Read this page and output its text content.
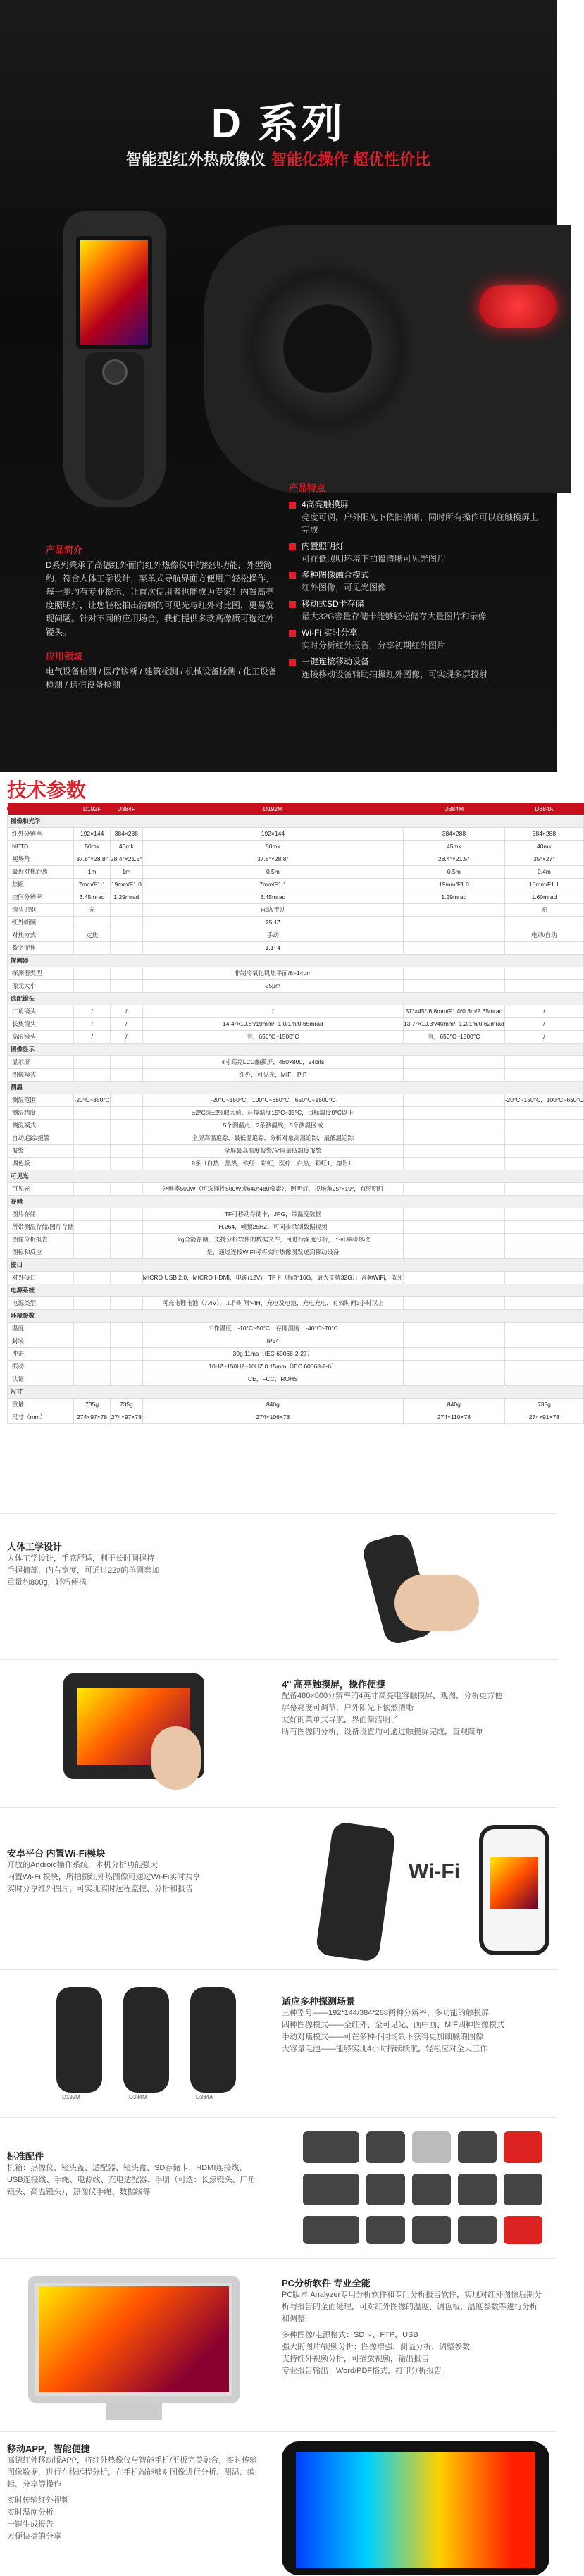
D 系列
智能型红外热成像仪 智能化操作 超优性价比
产品简介
D系列秉承了高德红外面向红外热像仪中的经典功能，外型简约，符合人体工学设计，菜单式导航界面方便用户轻松操作，每一步均有专业提示，让首次使用者也能成为专家！内置高亮度照明灯，让您轻松拍出清晰的可见光与红外对比图，更易发现问题。针对不同的应用场合，我们提供多款高像质可选红外镜头。
应用领域
电气设备检测 / 医疗诊断 / 建筑检测 / 机械设备检测 / 化工设备检测 / 通信设备检测
产品特点
4高亮触摸屏
亮度可调，户外阳光下依旧清晰，同时所有操作可以在触摸屏上完成
内置照明灯
可在低照明环境下拍摄清晰可见光图片
多种图像融合模式
红外图像，可见光图像
移动式SD卡存储
最大32G容量存储卡能够轻松储存大量图片和录像
Wi-Fi 实时分享
实时分析红外报告，分享初期红外图片
一键连接移动设备
连接移动设备辅助拍摄红外图像，可实现多屏投射
技术参数
	D192F	D384F	D192M	D384M	D384A
图像和光学					
红外分辨率	192×144	384×288	192×144	384×288	384×288
NETD	50mk	45mk	50mk	45mk	40mk
视场角	37.8°×28.8°	28.4°×21.5°	37.8°×28.8°	28.4°×21.5°	35°×27°
最近对焦距离	1m	1m	0.5m	0.5m	0.4m
焦距	7mm/F1.1	19mm/F1.0	7mm/F1.1	19mm/F1.0	15mm/F1.1
空间分辨率	3.45mrad	1.29mrad	3.45mrad	1.29mrad	1.60mrad
镜头识别	无		自动/手动		无
红外帧频			25HZ		
对焦方式	定焦		手动		电动/自动
数字变焦			1.1~4		
探测器					
探测器类型			非制冷氧化钒焦平面/8~14μm		
像元大小			25μm		
选配镜头					
广角镜头	/	/	/	57°×45°/6.8mm/F1.0/0.3m/2.65mrad	/
长焦镜头	/	/	14.4°×10.8°/19mm/F1.0/1m/0.65mrad	13.7°×10.3°/40mm/F1.2/1m/0.62mrad	/
高温镜头	/	/	有，650°C~1500°C	有，650°C~1500°C	/
图像显示					
显示屏			4寸高亮LCD触摸屏，480×800，24bits		
图像模式			红外，可见光，MIF，PIP		
测温					
测温范围	-20°C~350°C		-20°C~150°C，100°C~650°C，650°C~1500°C		-20°C~150°C，100°C~650°C
测温精度			±2°C或±2%取大值，环境温度15°C~35°C，目标温度0°C以上		
测温模式			5个测温点，2条测温线，5个测温区域		
自动追踪/报警			全屏高温追踪，最低温追踪，分析对象高温追踪，最低温追踪		
报警			全屏最高温度报警/全屏最低温度报警		
调色板			8条（白热，黑热，铁红，彩虹，医疗，白热，彩虹1，熔岩）		
可见光					
可见光			分辨率500W（可选择性500W或640*480像素），照明灯，视场角25°×19°，有照明灯		
存储					
图片存储			TF可移动存储卡，JPG，带温度数据		
所带测温存储/图片存储			H.264，帧频25HZ，可同步录制数据视频		
图像分析报告			.irg全能存储，支持分析软件的数据文件，可进行深度分析，不可移动修改		
图标和反应			是，通过连接WIFI可将实时热像图发送到移动设备		
接口					
对外接口			MICRO USB 2.0，MICRO HDMI，电源(12V)，TF卡（标配16G，最大支持32G）；音频WiFi，蓝牙		
电源系统					
电源类型			可充电锂电池（7.4V），工作时间>4H，充电及电池，充电充电，有效时间3小时以上		
环境参数					
温度			工作温度：-10°C~50°C，存储温度：-40°C~70°C		
封装			IP54		
冲击			30g 11ms（IEC 60068-2-27）		
振动			10HZ~150HZ~10HZ 0.15mm（IEC 60068-2-6）		
认证			CE，FCC，ROHS		
尺寸					
重量	735g	735g	840g	840g	735g
尺寸（mm）	274×97×78	274×97×78	274×106×78	274×110×78	274×91×78
人体工学设计
人体工学设计，手感舒适，利于长时间握持
手握摘部，内右宽度，可通过22#的单圆套加
重量约800g，轻巧便携
4'' 高亮触摸屏，操作便捷
配备480×800分辨率的4英寸高亮电容触摸屏，观图，分析更方便
屏幕亮度可调节，户外阳光下依然清晰
友好的菜单式导航，界面简洁明了
所有图像的分析、设备设置均可通过触摸屏完成，直观简单
安卓平台 内置Wi-Fi模块
开放的Android操作系统，本机分析功能强大
内置Wi-Fi 模块，所拍摄红外热图像可通过Wi-Fi实时共享
实时分享红外图片，可实现实时远程监控、分析和报告
Wi-Fi
D192M	D384M	D384A
适应多种探测场景
三种型号——192*144/384*288两种分辨率，多功能的触摸屏
四种图像模式——全红外、全可见光、画中画、MIF四种图像模式
手动对焦模式——可在多种不同场景下获得更加细腻的图像
大容量电池——能够实现4小时持续续航，轻松应对全天工作
标准配件
机箱：热像仪、镜头盖、适配器、镜头盒、SD存储卡、HDMI连接线、USB连接线、手绳、电源线、充电适配器、手册（可选：长焦镜头、广角镜头、高温镜头），热像仪手绳、数据线等
PC分析软件 专业全能
PC版本 Analyzer专用分析软件和专门分析报告软件，实现对红外图像后期分析与报告的全面处理，可对红外图像的温度、调色板、温度参数等进行分析和调整
多种图像/电源格式：SD卡、FTP、USB
强大的图片/视频分析：图像增强、测温分析、调整参数
支持红外视频分析，可播放视频，输出报告
专业报告输出：Word/PDF格式，打印分析报告
移动APP，智能便捷
高德红外移动版APP，将红外热像仪与智能手机/平板完美融合，实时传输图像数据，进行在线远程分析，在手机端能够对图像进行分析、测温、编辑、分享等操作
实时传输红外视频
实时温度分析
一键生成报告
方便快捷的分享
